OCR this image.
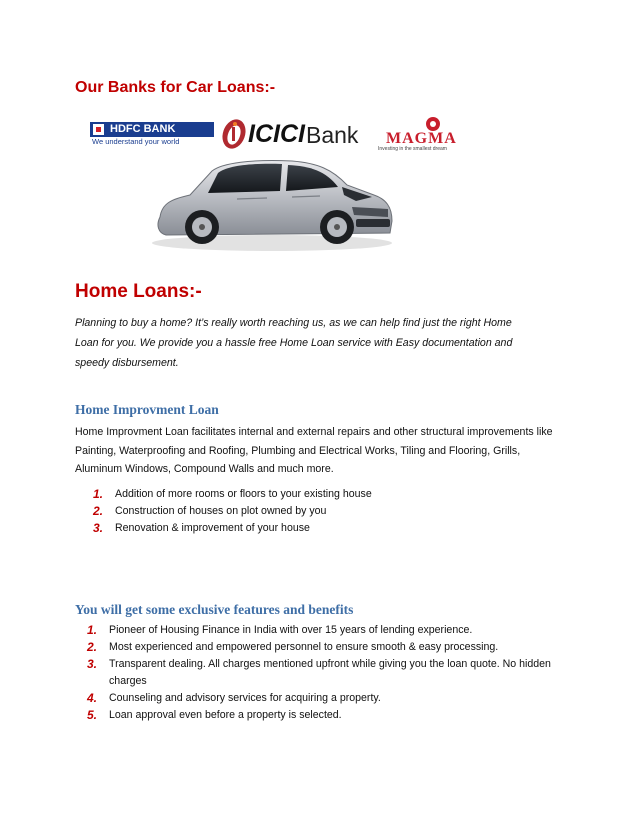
Our Banks for Car Loans:-
HDFC BANK
We understand your world	ICICI Bank MAGMA
Investing in the smallest dream
Home Loans:-
Planning to buy a home? It’s really worth reaching us, as we can help find just the right Home
Loan for you. We provide you a hassle free Home Loan service with Easy documentation and
speedy disbursement.
Home Improvment Loan
Home Improvment Loan facilitates internal and external repairs and other structural improvements like
Painting, Waterproofing and Roofing, Plumbing and Electrical Works, Tiling and Flooring, Grills,
Aluminum Windows, Compound Walls and much more.
1. Addition of more rooms or floors to your existing house
2. Construction of houses on plot owned by you
3. Renovation & improvement of your house
You will get some exclusive features and benefits
1. Pioneer of Housing Finance in India with over 15 years of lending experience.
2. Most experienced and empowered personnel to ensure smooth & easy processing.
3. Transparent dealing. All charges mentioned upfront while giving you the loan quote. No hidden charges
4. Counseling and advisory services for acquiring a property.
5. Loan approval even before a property is selected.
